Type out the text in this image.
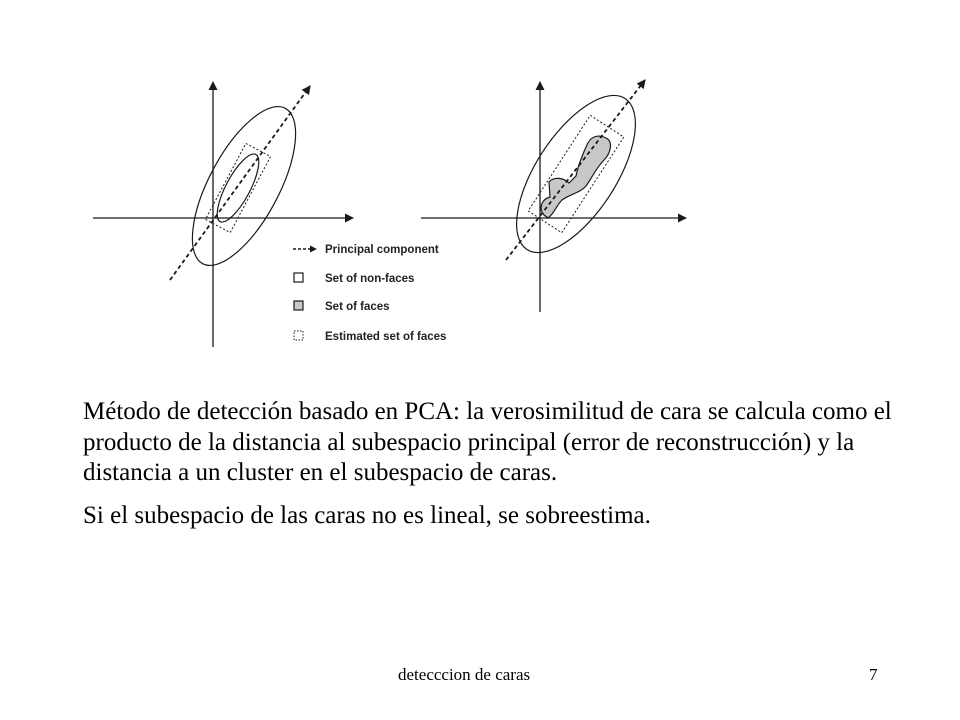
Principal component
Set of non-faces
Set of faces
Estimated set of faces

Método de detección basado en PCA: la verosimilitud de cara se calcula como el producto de la distancia al subespacio principal (error de reconstrucción) y la distancia a un cluster en el subespacio de caras.

Si el subespacio de las caras no es lineal, se sobreestima.

detecccion de caras	7
